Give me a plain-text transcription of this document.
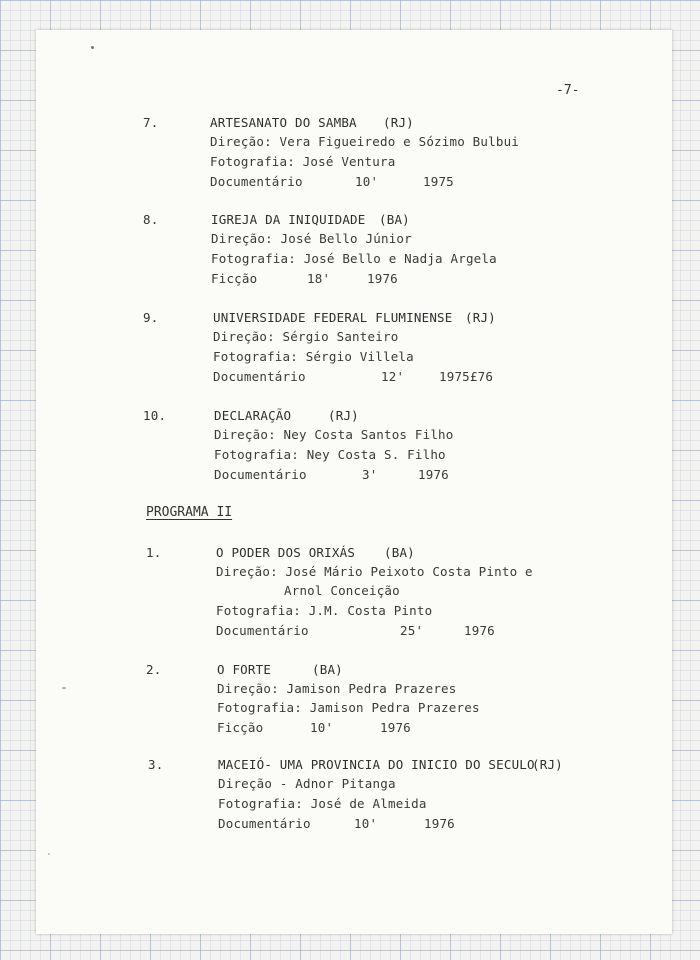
-7-
7.	ARTESANATO DO SAMBA (RJ)
Direção: Vera Figueiredo e Sózimo Bulbui
Fotografia: José Ventura
Documentário	10'	1975
8.	IGREJA DA INIQUIDADE (BA)
Direção: José Bello Júnior
Fotografia: José Bello e Nadja Argela
Ficção	18'	1976
9.	UNIVERSIDADE FEDERAL FLUMINENSE (RJ)
Direção: Sérgio Santeiro
Fotografia: Sérgio Villela
Documentário	12'	1975£76
10.	DECLARAÇÃO	(RJ)
Direção: Ney Costa Santos Filho
Fotografia: Ney Costa S. Filho
Documentário	3'	1976
PROGRAMA II
1.	O PODER DOS ORIXÁS (BA)
Direção: José Mário Peixoto Costa Pinto e
Arnol Conceição
Fotografia: J.M. Costa Pinto
Documentário	25'	1976
2.	O FORTE	(BA)
Direção: Jamison Pedra Prazeres
Fotografia: Jamison Pedra Prazeres
Ficção	10'	1976
3.	MACEIÓ- UMA PROVINCIA DO INICIO DO SECULO
(RJ)
Direção - Adnor Pitanga
Fotografia: José de Almeida
Documentário	10'	1976
